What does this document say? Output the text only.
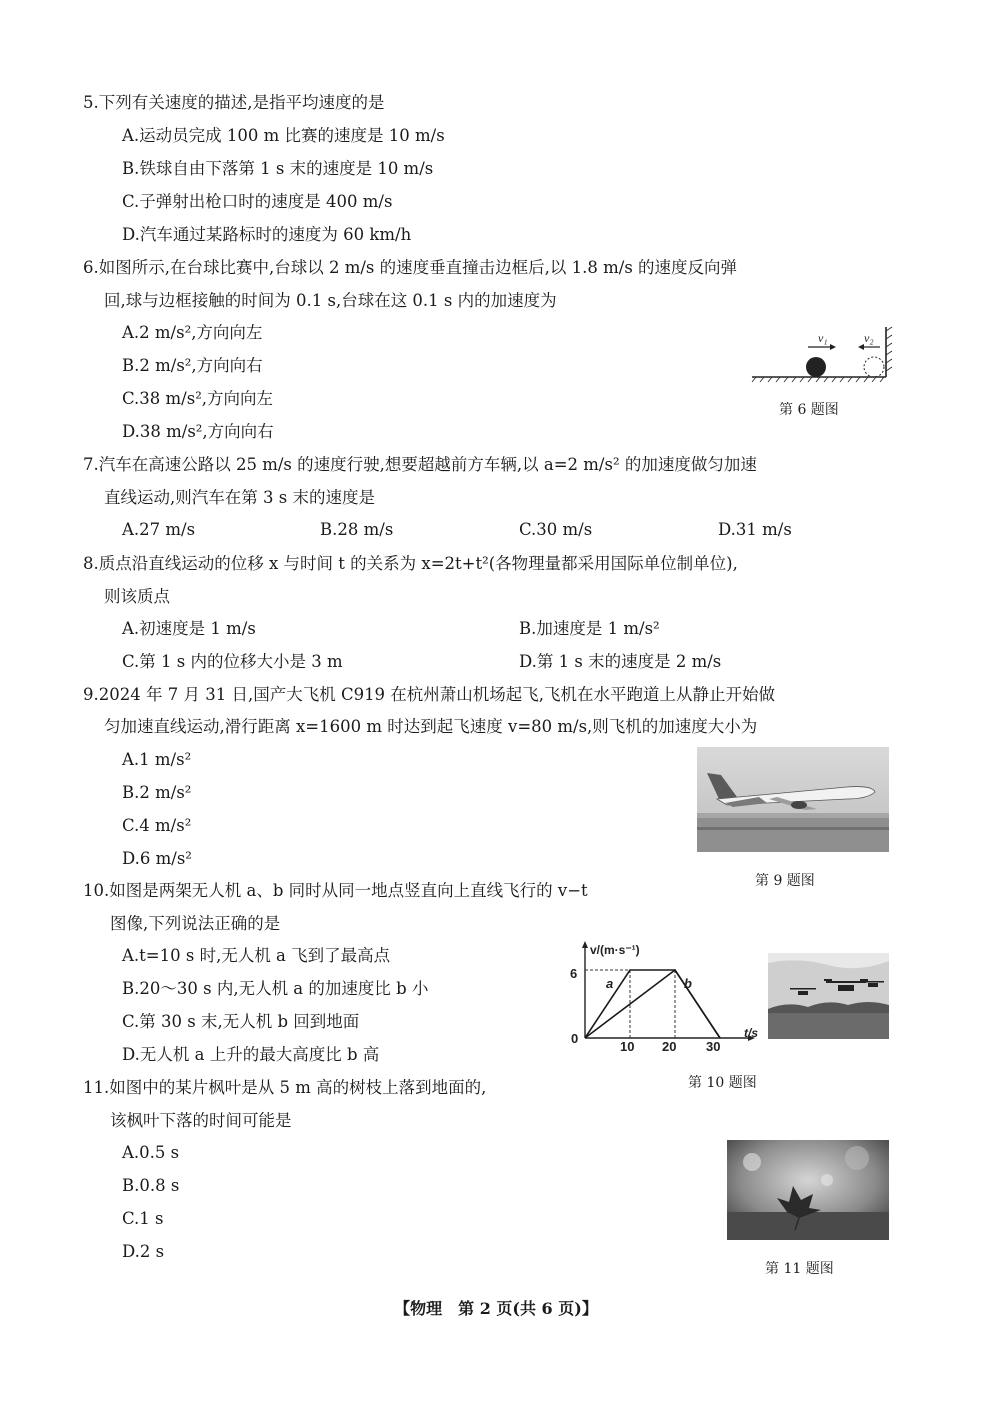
5.下列有关速度的描述,是指平均速度的是
A.运动员完成 100 m 比赛的速度是 10 m/s
B.铁球自由下落第 1 s 末的速度是 10 m/s
C.子弹射出枪口时的速度是 400 m/s
D.汽车通过某路标时的速度为 60 km/h
6.如图所示,在台球比赛中,台球以 2 m/s 的速度垂直撞击边框后,以 1.8 m/s 的速度反向弹
回,球与边框接触的时间为 0.1 s,台球在这 0.1 s 内的加速度为
A.2 m/s²,方向向左
B.2 m/s²,方向向右
C.38 m/s²,方向向左
D.38 m/s²,方向向右
v₁	v₂
第 6 题图
7.汽车在高速公路以 25 m/s 的速度行驶,想要超越前方车辆,以 a=2 m/s² 的加速度做匀加速
直线运动,则汽车在第 3 s 末的速度是
A.27 m/s	B.28 m/s	C.30 m/s	D.31 m/s
8.质点沿直线运动的位移 x 与时间 t 的关系为 x=2t+t²(各物理量都采用国际单位制单位),
则该质点
A.初速度是 1 m/s	B.加速度是 1 m/s²
C.第 1 s 内的位移大小是 3 m	D.第 1 s 末的速度是 2 m/s
9.2024 年 7 月 31 日,国产大飞机 C919 在杭州萧山机场起飞,飞机在水平跑道上从静止开始做
匀加速直线运动,滑行距离 x=1600 m 时达到起飞速度 v=80 m/s,则飞机的加速度大小为
A.1 m/s²
B.2 m/s²
C.4 m/s²
D.6 m/s²
第 9 题图
10.如图是两架无人机 a、b 同时从同一地点竖直向上直线飞行的 v−t
图像,下列说法正确的是
A.t=10 s 时,无人机 a 飞到了最高点
B.20～30 s 内,无人机 a 的加速度比 b 小
C.第 30 s 末,无人机 b 回到地面
D.无人机 a 上升的最大高度比 b 高
v/(m·s⁻¹)
t/s
0
6
10 20 30
a	b
第 10 题图
11.如图中的某片枫叶是从 5 m 高的树枝上落到地面的,
该枫叶下落的时间可能是
A.0.5 s
B.0.8 s
C.1 s
D.2 s
第 11 题图
【物理　第 2 页(共 6 页)】
